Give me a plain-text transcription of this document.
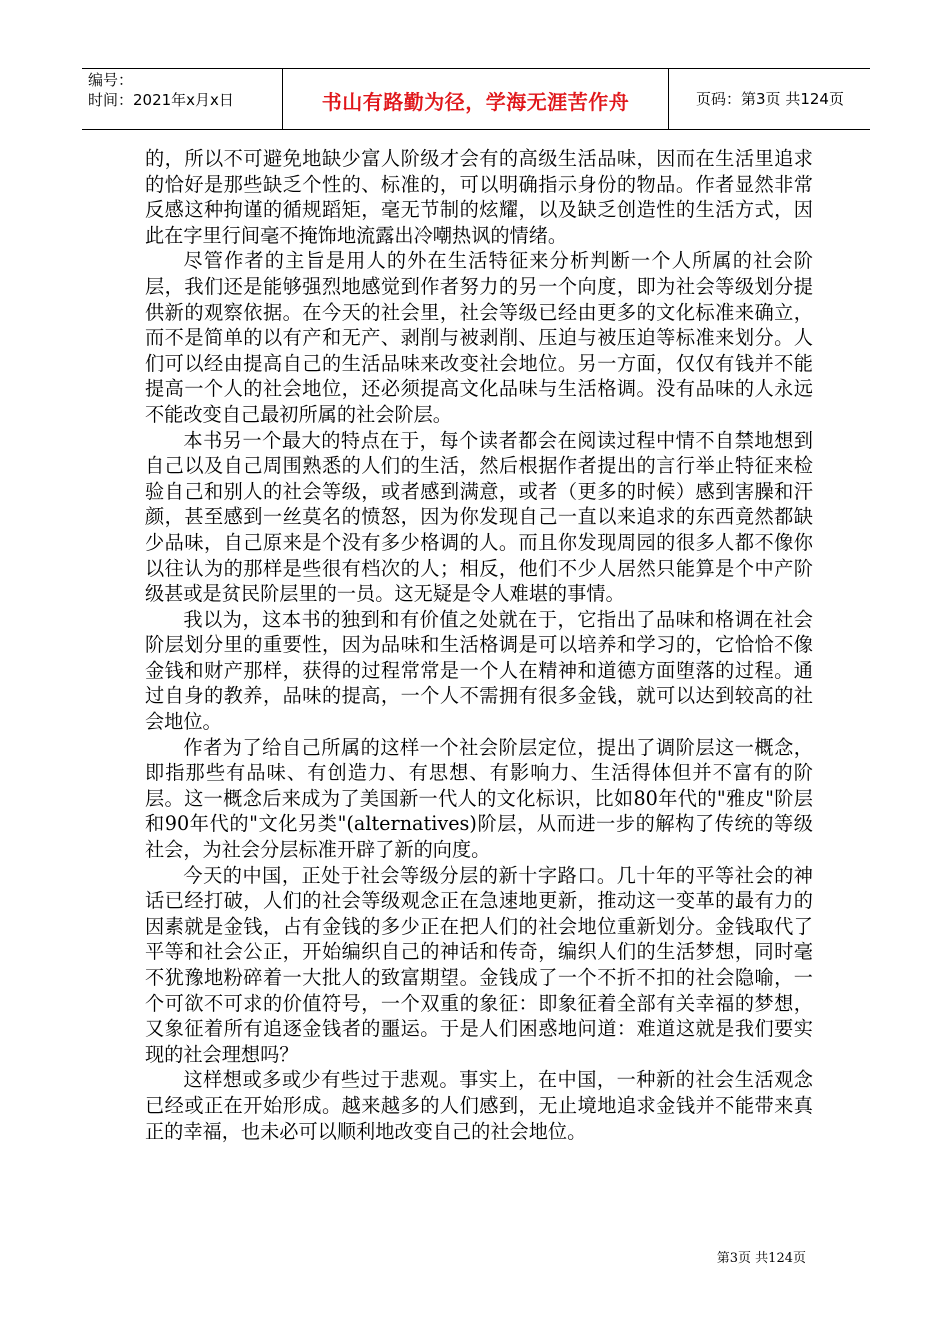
编号：
时间：2021年x月x日	书山有路勤为径，学海无涯苦作舟	页码：第3页 共124页

的，所以不可避免地缺少富人阶级才会有的高级生活品味，因而在生活里追求的恰好是那些缺乏个性的、标准的，可以明确指示身份的物品。作者显然非常反感这种拘谨的循规蹈矩，毫无节制的炫耀，以及缺乏创造性的生活方式，因此在字里行间毫不掩饰地流露出冷嘲热讽的情绪。

尽管作者的主旨是用人的外在生活特征来分析判断一个人所属的社会阶层，我们还是能够强烈地感觉到作者努力的另一个向度，即为社会等级划分提供新的观察依据。在今天的社会里，社会等级已经由更多的文化标准来确立，而不是简单的以有产和无产、剥削与被剥削、压迫与被压迫等标准来划分。人们可以经由提高自己的生活品味来改变社会地位。另一方面，仅仅有钱并不能提高一个人的社会地位，还必须提高文化品味与生活格调。没有品味的人永远不能改变自己最初所属的社会阶层。

本书另一个最大的特点在于，每个读者都会在阅读过程中情不自禁地想到自己以及自己周围熟悉的人们的生活，然后根据作者提出的言行举止特征来检验自己和别人的社会等级，或者感到满意，或者（更多的时候）感到害臊和汗颜，甚至感到一丝莫名的愤怒，因为你发现自己一直以来追求的东西竟然都缺少品味，自己原来是个没有多少格调的人。而且你发现周园的很多人都不像你以往认为的那样是些很有档次的人；相反，他们不少人居然只能算是个中产阶级甚或是贫民阶层里的一员。这无疑是令人难堪的事情。

我以为，这本书的独到和有价值之处就在于，它指出了品味和格调在社会阶层划分里的重要性，因为品味和生活格调是可以培养和学习的，它恰恰不像金钱和财产那样，获得的过程常常是一个人在精神和道德方面堕落的过程。通过自身的教养，品味的提高，一个人不需拥有很多金钱，就可以达到较高的社会地位。

作者为了给自己所属的这样一个社会阶层定位，提出了调阶层这一概念，即指那些有品味、有创造力、有思想、有影响力、生活得体但并不富有的阶层。这一概念后来成为了美国新一代人的文化标识，比如80年代的"雅皮"阶层和90年代的"文化另类"(alternatives)阶层，从而进一步的解构了传统的等级社会，为社会分层标准开辟了新的向度。

今天的中国，正处于社会等级分层的新十字路口。几十年的平等社会的神话已经打破，人们的社会等级观念正在急速地更新，推动这一变革的最有力的因素就是金钱，占有金钱的多少正在把人们的社会地位重新划分。金钱取代了平等和社会公正，开始编织自己的神话和传奇，编织人们的生活梦想，同时毫不犹豫地粉碎着一大批人的致富期望。金钱成了一个不折不扣的社会隐喻，一个可欲不可求的价值符号，一个双重的象征：即象征着全部有关幸福的梦想，又象征着所有追逐金钱者的噩运。于是人们困惑地问道：难道这就是我们要实现的社会理想吗？

这样想或多或少有些过于悲观。事实上，在中国，一种新的社会生活观念已经或正在开始形成。越来越多的人们感到，无止境地追求金钱并不能带来真正的幸福，也未必可以顺利地改变自己的社会地位。

第3页 共124页
